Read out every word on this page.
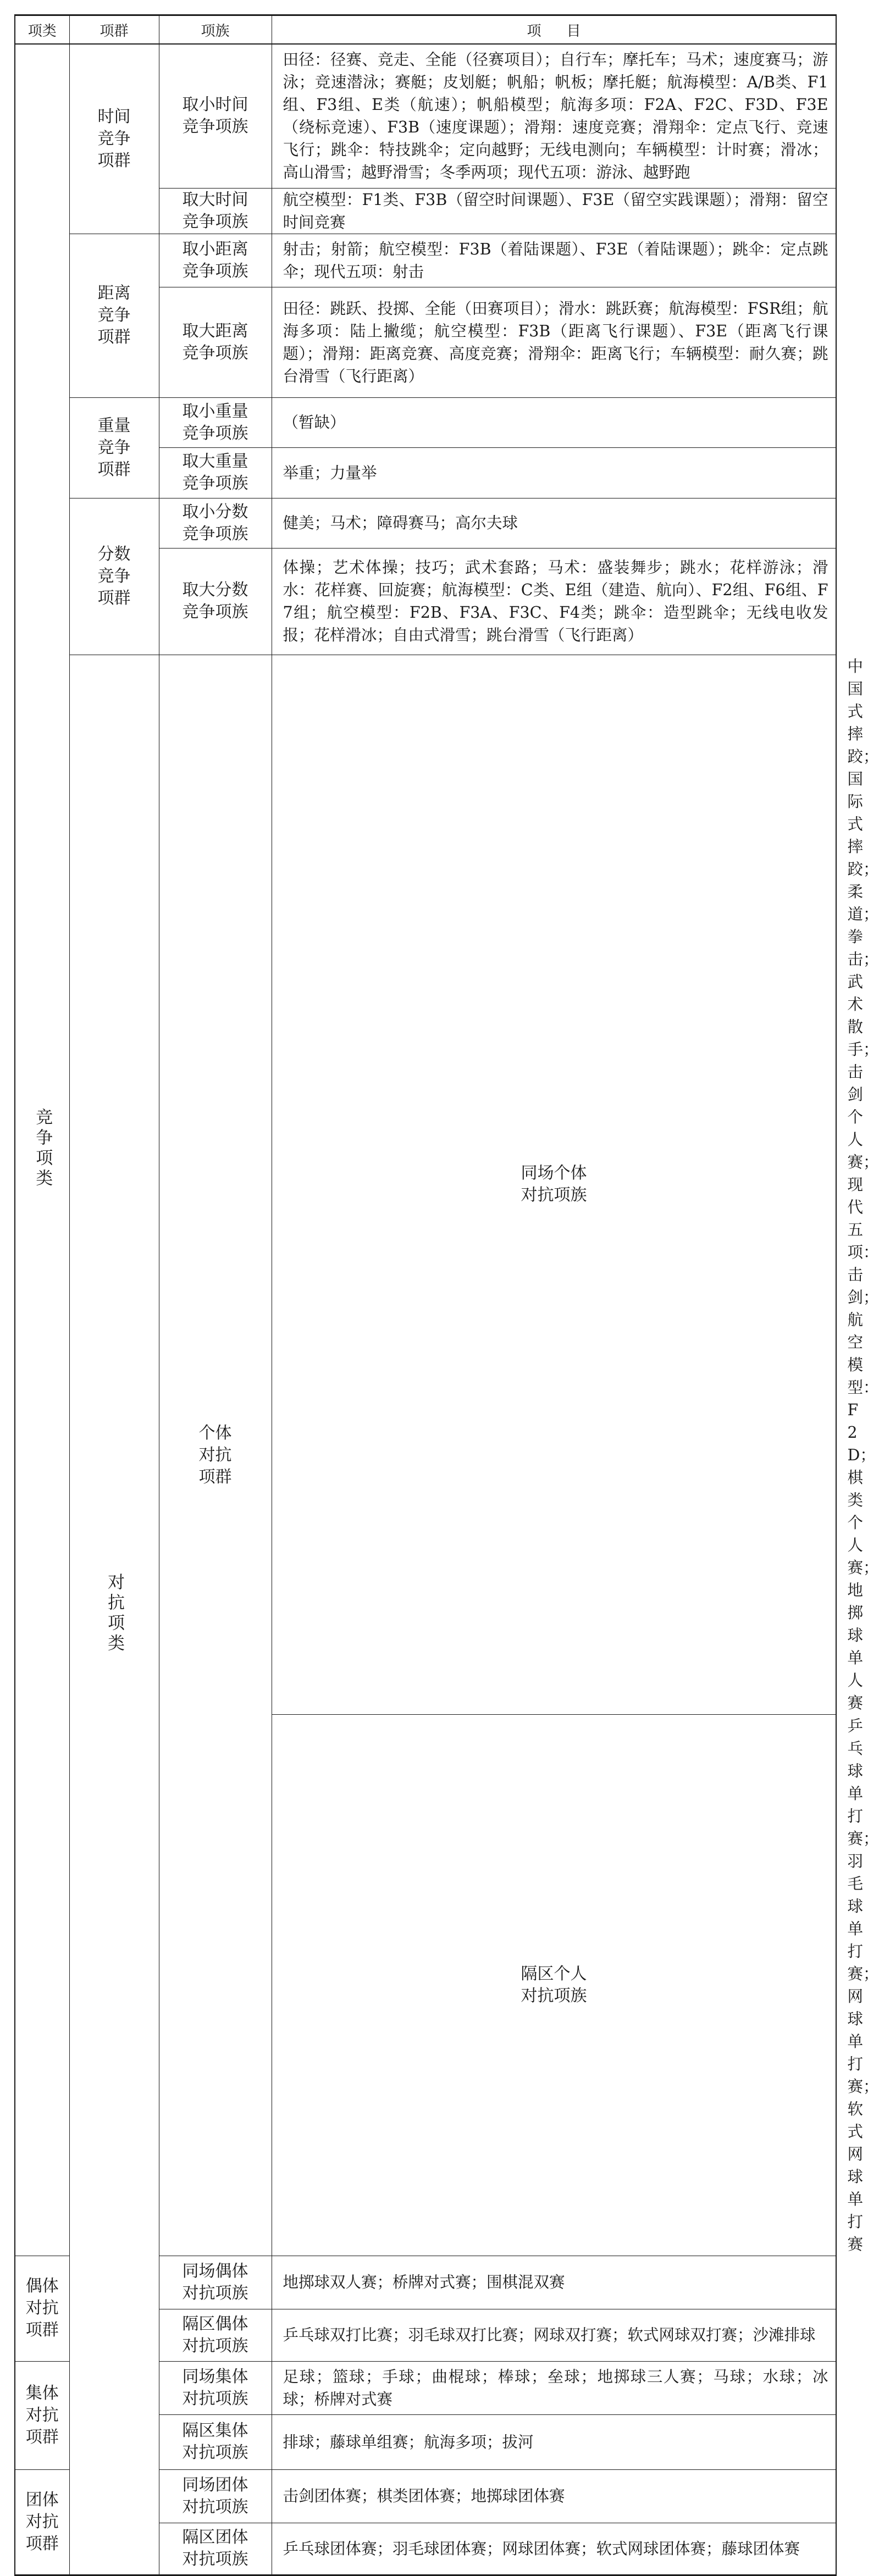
项类	项群	项族	项目	
竞争项类	时间竞争项群	取小时间竞争项族	田径：径赛、竞走、全能（径赛项目）；自行车；摩托车；马术；速度赛马；游泳；竞速潜泳；赛艇；皮划艇；帆船；帆板；摩托艇；航海模型：A/B类、F1组、F3组、E类（航速）；帆船模型；航海多项：F2A、F2C、F3D、F3E（绕标竞速）、F3B（速度课题）；滑翔：速度竞赛；滑翔伞：定点飞行、竞速飞行；跳伞：特技跳伞；定向越野；无线电测向；车辆模型：计时赛；滑冰；高山滑雪；越野滑雪；冬季两项；现代五项：游泳、越野跑	
		取大时间竞争项族	航空模型：F1类、F3B（留空时间课题）、F3E（留空实践课题）；滑翔：留空时间竞赛	
	距离竞争项群	取小距离竞争项族	射击；射箭；航空模型：F3B（着陆课题）、F3E（着陆课题）；跳伞：定点跳伞；现代五项：射击	
		取大距离竞争项族	田径：跳跃、投掷、全能（田赛项目）；滑水：跳跃赛；航海模型：FSR组；航海多项：陆上撇缆；航空模型：F3B（距离飞行课题）、F3E（距离飞行课题）；滑翔：距离竞赛、高度竞赛；滑翔伞：距离飞行；车辆模型：耐久赛；跳台滑雪（飞行距离）	
	重量竞争项群	取小重量竞争项族	（暂缺）	
		取大重量竞争项族	举重；力量举	
	分数竞争项群	取小分数竞争项族	健美；马术；障碍赛马；高尔夫球	
		取大分数竞争项族	体操；艺术体操；技巧；武术套路；马术：盛装舞步；跳水；花样游泳；滑水：花样赛、回旋赛；航海模型：C类、E组（建造、航向）、F2组、F6组、F7组；航空模型：F2B、F3A、F3C、F4类；跳伞：造型跳伞；无线电收发报；花样滑冰；自由式滑雪；跳台滑雪（飞行距离）	
	对抗项类	个体对抗项群	同场个体对抗项族	中国式摔跤；国际式摔跤；柔道；拳击；武术散手；击剑个人赛；现代五项：击剑；航空模型：F2D；棋类个人赛；地掷球单人赛
			隔区个人对抗项族	乒乓球单打赛；羽毛球单打赛；网球单打赛；软式网球单打赛
偶体对抗项群		同场偶体对抗项族	地掷球双人赛；桥牌对式赛；围棋混双赛	
		隔区偶体对抗项族	乒乓球双打比赛；羽毛球双打比赛；网球双打赛；软式网球双打赛；沙滩排球	
集体对抗项群		同场集体对抗项族	足球；篮球；手球；曲棍球；棒球；垒球；地掷球三人赛；马球；水球；冰球；桥牌对式赛	
		隔区集体对抗项族	排球；藤球单组赛；航海多项；拔河	
团体对抗项群		同场团体对抗项族	击剑团体赛；棋类团体赛；地掷球团体赛	
		隔区团体对抗项族	乒乓球团体赛；羽毛球团体赛；网球团体赛；软式网球团体赛；藤球团体赛	
